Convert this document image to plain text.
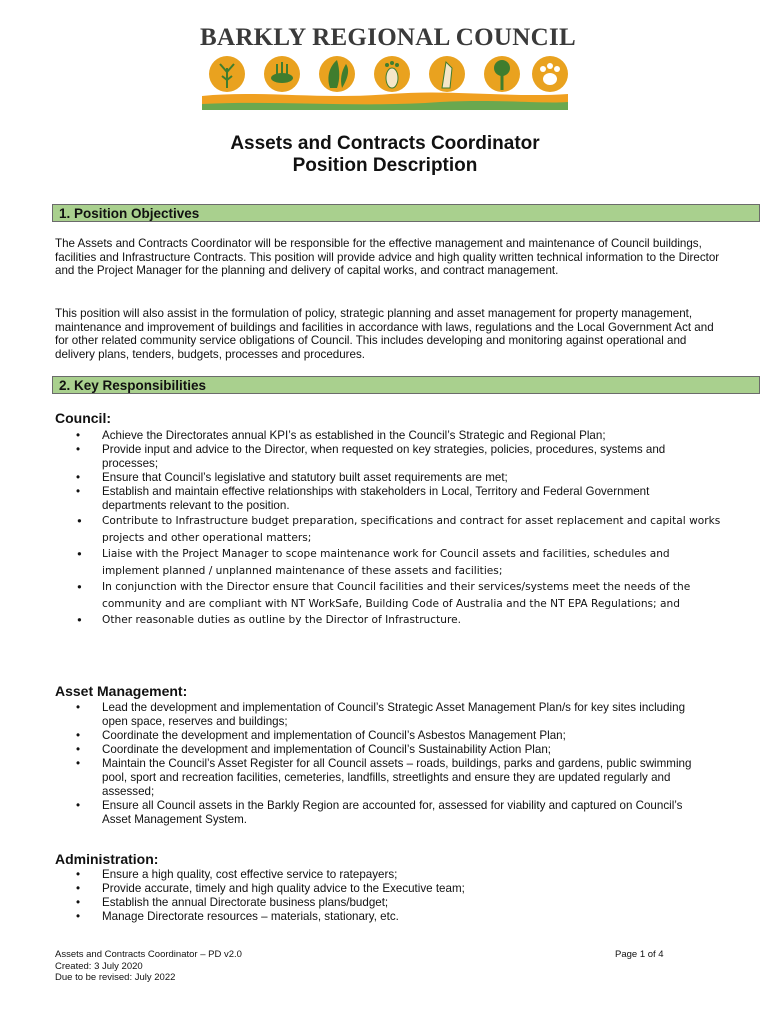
BARKLY REGIONAL COUNCIL
Assets and Contracts Coordinator
Position Description
1. Position Objectives
The Assets and Contracts Coordinator will be responsible for the effective management and maintenance of Council buildings, facilities and Infrastructure Contracts. This position will provide advice and high quality written technical information to the Director and the Project Manager for the planning and delivery of capital works, and contract management.
This position will also assist in the formulation of policy, strategic planning and asset management for property management, maintenance and improvement of buildings and facilities in accordance with laws, regulations and the Local Government Act and for other related community service obligations of Council. This includes developing and monitoring against operational and delivery plans, tenders, budgets, processes and procedures.
2. Key Responsibilities
Council:
• Achieve the Directorates annual KPI’s as established in the Council’s Strategic and Regional Plan;
• Provide input and advice to the Director, when requested on key strategies, policies, procedures, systems and processes;
• Ensure that Council’s legislative and statutory built asset requirements are met;
• Establish and maintain effective relationships with stakeholders in Local, Territory and Federal Government departments relevant to the position.
• Contribute to Infrastructure budget preparation, specifications and contract for asset replacement and capital works projects and other operational matters;
• Liaise with the Project Manager to scope maintenance work for Council assets and facilities, schedules and implement planned / unplanned maintenance of these assets and facilities;
• In conjunction with the Director ensure that Council facilities and their services/systems meet the needs of the community and are compliant with NT WorkSafe, Building Code of Australia and the NT EPA Regulations; and
• Other reasonable duties as outline by the Director of Infrastructure.
Asset Management:
• Lead the development and implementation of Council’s Strategic Asset Management Plan/s for key sites including open space, reserves and buildings;
• Coordinate the development and implementation of Council’s Asbestos Management Plan;
• Coordinate the development and implementation of Council’s Sustainability Action Plan;
• Maintain the Council’s Asset Register for all Council assets – roads, buildings, parks and gardens, public swimming pool, sport and recreation facilities, cemeteries, landfills, streetlights and ensure they are updated regularly and assessed;
• Ensure all Council assets in the Barkly Region are accounted for, assessed for viability and captured on Council’s Asset Management System.
Administration:
• Ensure a high quality, cost effective service to ratepayers;
• Provide accurate, timely and high quality advice to the Executive team;
• Establish the annual Directorate business plans/budget;
• Manage Directorate resources – materials, stationary, etc.
Assets and Contracts Coordinator – PD v2.0
Created: 3 July 2020
Due to be revised: July 2022
Page 1 of 4
